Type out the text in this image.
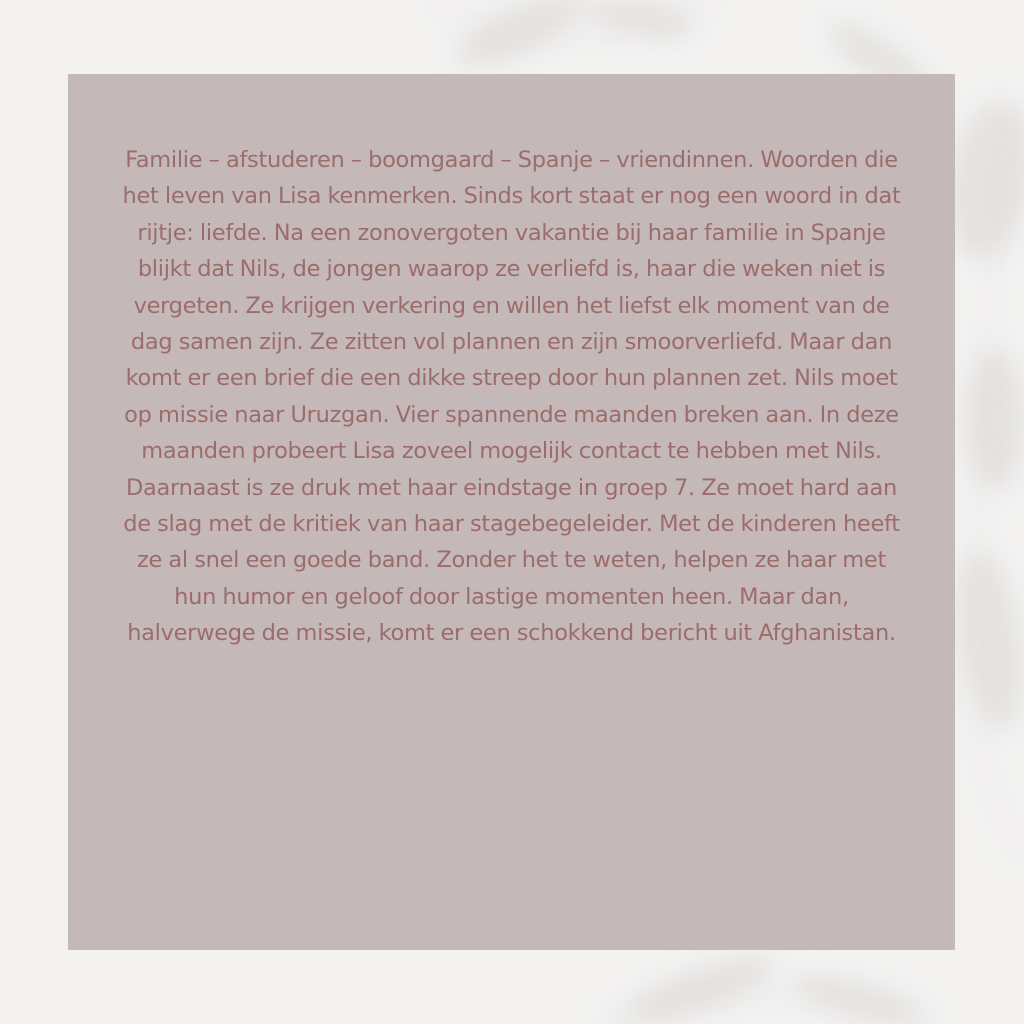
Familie – afstuderen – boomgaard – Spanje – vriendinnen. Woorden die het leven van Lisa kenmerken. Sinds kort staat er nog een woord in dat rijtje: liefde. Na een zonovergoten vakantie bij haar familie in Spanje blijkt dat Nils, de jongen waarop ze verliefd is, haar die weken niet is vergeten. Ze krijgen verkering en willen het liefst elk moment van de dag samen zijn. Ze zitten vol plannen en zijn smoorverliefd. Maar dan komt er een brief die een dikke streep door hun plannen zet. Nils moet op missie naar Uruzgan. Vier spannende maanden breken aan. In deze maanden probeert Lisa zoveel mogelijk contact te hebben met Nils. Daarnaast is ze druk met haar eindstage in groep 7. Ze moet hard aan de slag met de kritiek van haar stagebegeleider. Met de kinderen heeft ze al snel een goede band. Zonder het te weten, helpen ze haar met hun humor en geloof door lastige momenten heen. Maar dan, halverwege de missie, komt er een schokkend bericht uit Afghanistan.
